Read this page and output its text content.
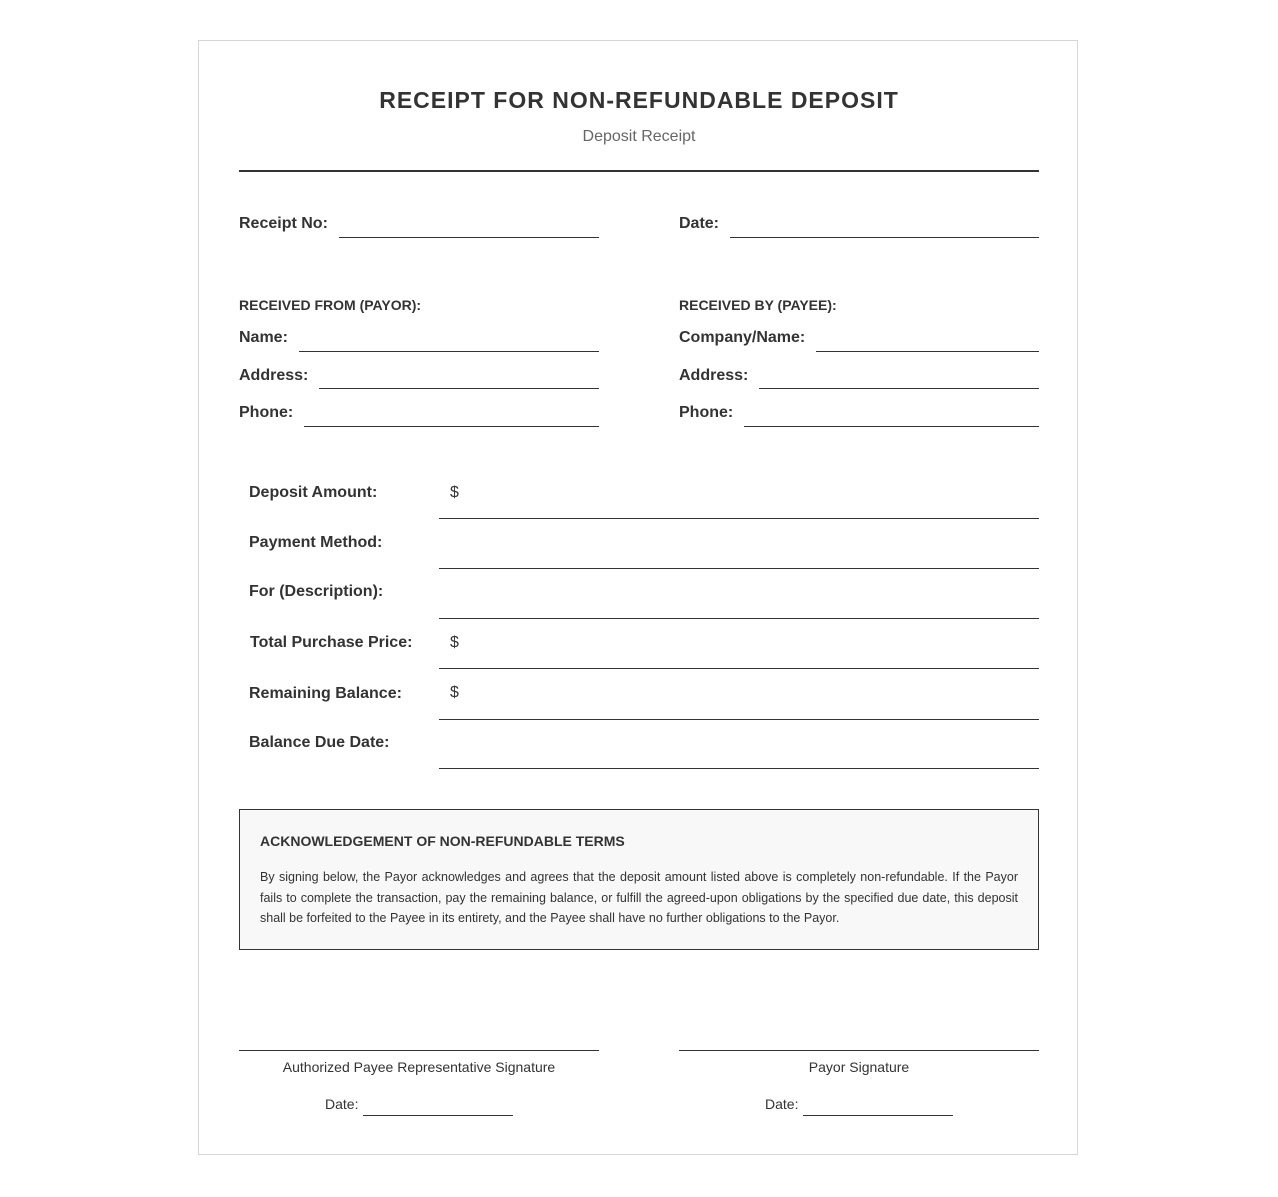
RECEIPT FOR NON-REFUNDABLE DEPOSIT
Deposit Receipt
Receipt No:	Date:
RECEIVED FROM (PAYOR):
Name:
Address:
Phone:
RECEIVED BY (PAYEE):
Company/Name:
Address:
Phone:
Deposit Amount:	$
Payment Method:
For (Description):
Total Purchase Price: $
Remaining Balance:	$
Balance Due Date:
ACKNOWLEDGEMENT OF NON-REFUNDABLE TERMS
By signing below, the Payor acknowledges and agrees that the deposit amount listed above is completely non-refundable. If the Payor fails to complete the transaction, pay the remaining balance, or fulfill the agreed-upon obligations by the specified due date, this deposit shall be forfeited to the Payee in its entirety, and the Payee shall have no further obligations to the Payor.
Authorized Payee Representative Signature
Date:
Payor Signature
Date:
